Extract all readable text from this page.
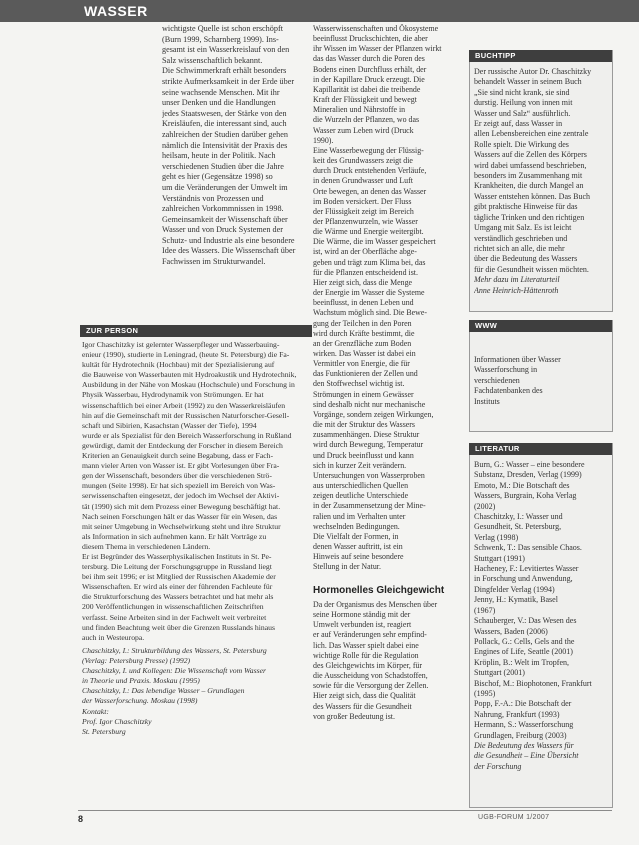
WASSER
wichtigste Quelle ist schon erschöpft
(Burn 1999, Scharnberg 1999). Ins-
gesamt ist ein Wasserkreislauf von den
Salz wissenschaftlich bekannt.
Die Schwimmerkraft erhält besonders
strikte Aufmerksamkeit in der Erde über
seine wachsende Menschen. Mit ihr
unser Denken und die Handlungen
jedes Staatswesen, der Stärke von den
Kreisläufen, die interessant sind, auch
zahlreichen der Studien darüber gehen
nämlich die Intensivität der Praxis des
heilsam, heute in der Politik. Nach
verschiedenen Studien über die Jahre
geht es hier (Gegensätze 1998) so
um die Veränderungen der Umwelt im
Verständnis von Prozessen und
zahlreichen Vorkommnissen in 1998.
Gemeinsamkeit der Wissenschaft über
Wasser und von Druck Systemen der
Schutz- und Industrie als eine besondere
Idee des Wassers. Die Wissenschaft über
Fachwissen im Strukturwandel.
ZUR PERSON
Igor Chaschitzky ist gelernter Wasserpfleger und Wasserbauing-
enieur (1990), studierte in Leningrad, (heute St. Petersburg) die Fa-
kultät für Hydrotechnik (Hochbau) mit der Spezialisierung auf
die Bauweise von Wasserbauten mit Hydroakustik und Hydrotechnik,
Ausbildung in der Nähe von Moskau (Hochschule) und Forschung in
Physik Wasserbau, Hydrodynamik von Strömungen. Er hat
wissenschaftlich bei einer Arbeit (1992) zu den Wasserkreisläufen
hin auf die Gemeinschaft mit der Russischen Naturforscher-Gesell-
schaft und Sibirien, Kasachstan (Wasser der Tiefe), 1994
wurde er als Spezialist für den Bereich Wasserforschung in Rußland
gewürdigt, damit der Entdeckung der Forscher in diesem Bereich
Kriterien an Genauigkeit durch seine Begabung, dass er Fach-
mann vieler Arten von Wasser ist. Er gibt Vorlesungen über Fra-
gen der Wissenschaft, besonders über die verschiedenen Strö-
mungen (Seite 1998). Er hat sich speziell im Bereich von Was-
serwissenschaften eingesetzt, der jedoch im Wechsel der Aktivi-
tät (1990) sich mit dem Prozess einer Bewegung beschäftigt hat.
Nach seinen Forschungen hält er das Wasser für ein Wesen, das
mit seiner Umgebung in Wechselwirkung steht und ihre Struktur
als Information in sich aufnehmen kann. Er hält Vorträge zu
diesem Thema in verschiedenen Ländern.
Er ist Begründer des Wasserphysikalischen Instituts in St. Pe-
tersburg. Die Leitung der Forschungsgruppe in Russland liegt
bei ihm seit 1996; er ist Mitglied der Russischen Akademie der
Wissenschaften. Er wird als einer der führenden Fachleute für
die Strukturforschung des Wassers betrachtet und hat mehr als
200 Veröffentlichungen in wissenschaftlichen Zeitschriften
verfasst. Seine Arbeiten sind in der Fachwelt weit verbreitet
und finden Beachtung weit über die Grenzen Russlands hinaus
auch in Westeuropa.
Chaschitzky, I.: Strukturbildung des Wassers, St. Petersburg
(Verlag: Petersburg Presse) (1992)
Chaschitzky, I. und Kollegen: Die Wissenschaft vom Wasser
in Theorie und Praxis. Moskau (1995)
Chaschitzky, I.: Das lebendige Wasser – Grundlagen
der Wasserforschung. Moskau (1998)
Kontakt:
Prof. Igor Chaschitzky
St. Petersburg
Wasserwissenschaften und Ökosysteme
beeinflusst Druckschichten, die aber
ihr Wissen im Wasser der Pflanzen wirkt
das das Wasser durch die Poren des
Bodens einen Durchfluss erhält, der
in der Kapillare Druck erzeugt. Die
Kapillarität ist dabei die treibende
Kraft der Flüssigkeit und bewegt
Mineralien und Nährstoffe in
die Wurzeln der Pflanzen, wo das
Wasser zum Leben wird (Druck
1990).
Eine Wasserbewegung der Flüssig-
keit des Grundwassers zeigt die
durch Druck entstehenden Verläufe,
in denen Grundwasser und Luft
Orte bewegen, an denen das Wasser
im Boden versickert. Der Fluss
der Flüssigkeit zeigt im Bereich
der Pflanzenwurzeln, wie Wasser
die Wärme und Energie weitergibt.
Die Wärme, die im Wasser gespeichert
ist, wird an der Oberfläche abge-
geben und trägt zum Klima bei, das
für die Pflanzen entscheidend ist.
Hier zeigt sich, dass die Menge
der Energie im Wasser die Systeme
beeinflusst, in denen Leben und
Wachstum möglich sind. Die Bewe-
gung der Teilchen in den Poren
wird durch Kräfte bestimmt, die
an der Grenzfläche zum Boden
wirken. Das Wasser ist dabei ein
Vermittler von Energie, die für
das Funktionieren der Zellen und
den Stoffwechsel wichtig ist.
Strömungen in einem Gewässer
sind deshalb nicht nur mechanische
Vorgänge, sondern zeigen Wirkungen,
die mit der Struktur des Wassers
zusammenhängen. Diese Struktur
wird durch Bewegung, Temperatur
und Druck beeinflusst und kann
sich in kurzer Zeit verändern.
Untersuchungen von Wasserproben
aus unterschiedlichen Quellen
zeigen deutliche Unterschiede
in der Zusammensetzung der Mine-
ralien und im Verhalten unter
wechselnden Bedingungen.
Die Vielfalt der Formen, in
denen Wasser auftritt, ist ein
Hinweis auf seine besondere
Stellung in der Natur.
Hormonelles Gleichgewicht
Da der Organismus des Menschen über
seine Hormone ständig mit der
Umwelt verbunden ist, reagiert
er auf Veränderungen sehr empfind-
lich. Das Wasser spielt dabei eine
wichtige Rolle für die Regulation
des Gleichgewichts im Körper, für
die Ausscheidung von Schadstoffen,
sowie für die Versorgung der Zellen.
Hier zeigt sich, dass die Qualität
des Wassers für die Gesundheit
von großer Bedeutung ist.
BUCHTIPP
Der russische Autor Dr. Chaschitzky
behandelt Wasser in seinem Buch
„Sie sind nicht krank, sie sind
durstig. Heilung von innen mit
Wasser und Salz“ ausführlich.
Er zeigt auf, dass Wasser in
allen Lebensbereichen eine zentrale
Rolle spielt. Die Wirkung des
Wassers auf die Zellen des Körpers
wird dabei umfassend beschrieben,
besonders im Zusammenhang mit
Krankheiten, die durch Mangel an
Wasser entstehen können. Das Buch
gibt praktische Hinweise für das
tägliche Trinken und den richtigen
Umgang mit Salz. Es ist leicht
verständlich geschrieben und
richtet sich an alle, die mehr
über die Bedeutung des Wassers
für die Gesundheit wissen möchten.
Mehr dazu im Literaturteil
Anne Heinrich-Hättenroth
WWW
Informationen über Wasser
Wasserforschung in
verschiedenen
Fachdatenbanken des
Instituts
LITERATUR
Burn, G.: Wasser – eine besondere
Substanz, Dresden, Verlag (1999)
Emoto, M.: Die Botschaft des
Wassers, Burgrain, Koha Verlag
(2002)
Chaschitzky, I.: Wasser und
Gesundheit, St. Petersburg,
Verlag (1998)
Schwenk, T.: Das sensible Chaos.
Stuttgart (1991)
Hacheney, F.: Levitiertes Wasser
in Forschung und Anwendung,
Dingfelder Verlag (1994)
Jenny, H.: Kymatik, Basel
(1967)
Schauberger, V.: Das Wesen des
Wassers, Baden (2006)
Pollack, G.: Cells, Gels and the
Engines of Life, Seattle (2001)
Kröplin, B.: Welt im Tropfen,
Stuttgart (2001)
Bischof, M.: Biophotonen, Frankfurt
(1995)
Popp, F.-A.: Die Botschaft der
Nahrung, Frankfurt (1993)
Hermann, S.: Wasserforschung
Grundlagen, Freiburg (2003)
Die Bedeutung des Wassers für
die Gesundheit – Eine Übersicht
der Forschung
8	UGB-FORUM 1/2007
